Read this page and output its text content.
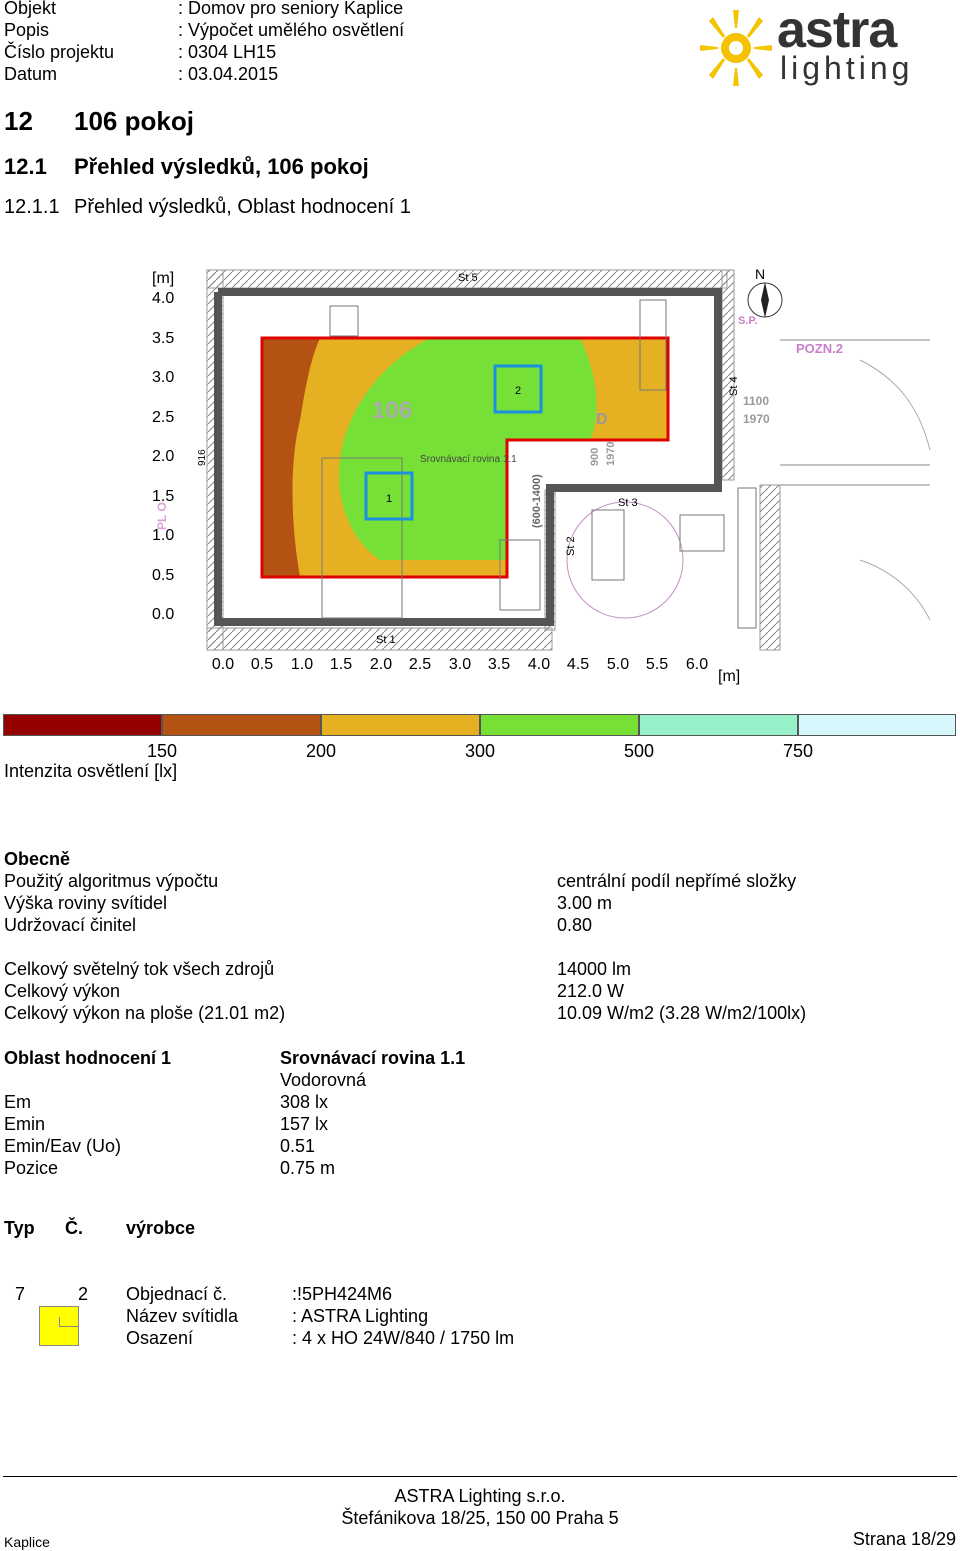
Objekt	: Domov pro seniory Kaplice
Popis	: Výpočet umělého osvětlení
Číslo projektu	: 0304 LH15
Datum	: 03.04.2015
astra
lighting
12 106 pokoj
12.1 Přehled výsledků, 106 pokoj
12.1.1 Přehled výsledků, Oblast hodnocení 1
[m]
4.0
3.5
3.0
2.5
2.0
1.5
1.0
0.5
0.0
0.0	0.5	1.0	1.5	2.0	2.5	3.0	3.5	4.0	4.5	5.0	5.5	6.0
[m]
St 5
St 1
St 3
St 2
St 4
106
Srovnávací rovina 1.1
1
2
N
POZN.2
S.P.
D
900 1970
1100
1970
916
(600-1400)
PL O
150	200	300	500	750
Intenzita osvětlení [lx]
Obecně
Použitý algoritmus výpočtu	centrální podíl nepřímé složky
Výška roviny svítidel	3.00 m
Udržovací činitel	0.80
Celkový světelný tok všech zdrojů	14000 lm
Celkový výkon	212.0 W
Celkový výkon na ploše (21.01 m2)	10.09 W/m2 (3.28 W/m2/100lx)
Oblast hodnocení 1	Srovnávací rovina 1.1
Vodorovná
Em	308 lx
Emin	157 lx
Emin/Eav (Uo)	0.51
Pozice	0.75 m
Typ Č. výrobce
7	2 Objednací č.	:!5PH424M6
Název svítidla	: ASTRA Lighting
Osazení	: 4 x HO 24W/840 / 1750 lm
ASTRA Lighting s.r.o.
Štefánikova 18/25, 150 00 Praha 5
Kaplice	Strana 18/29
